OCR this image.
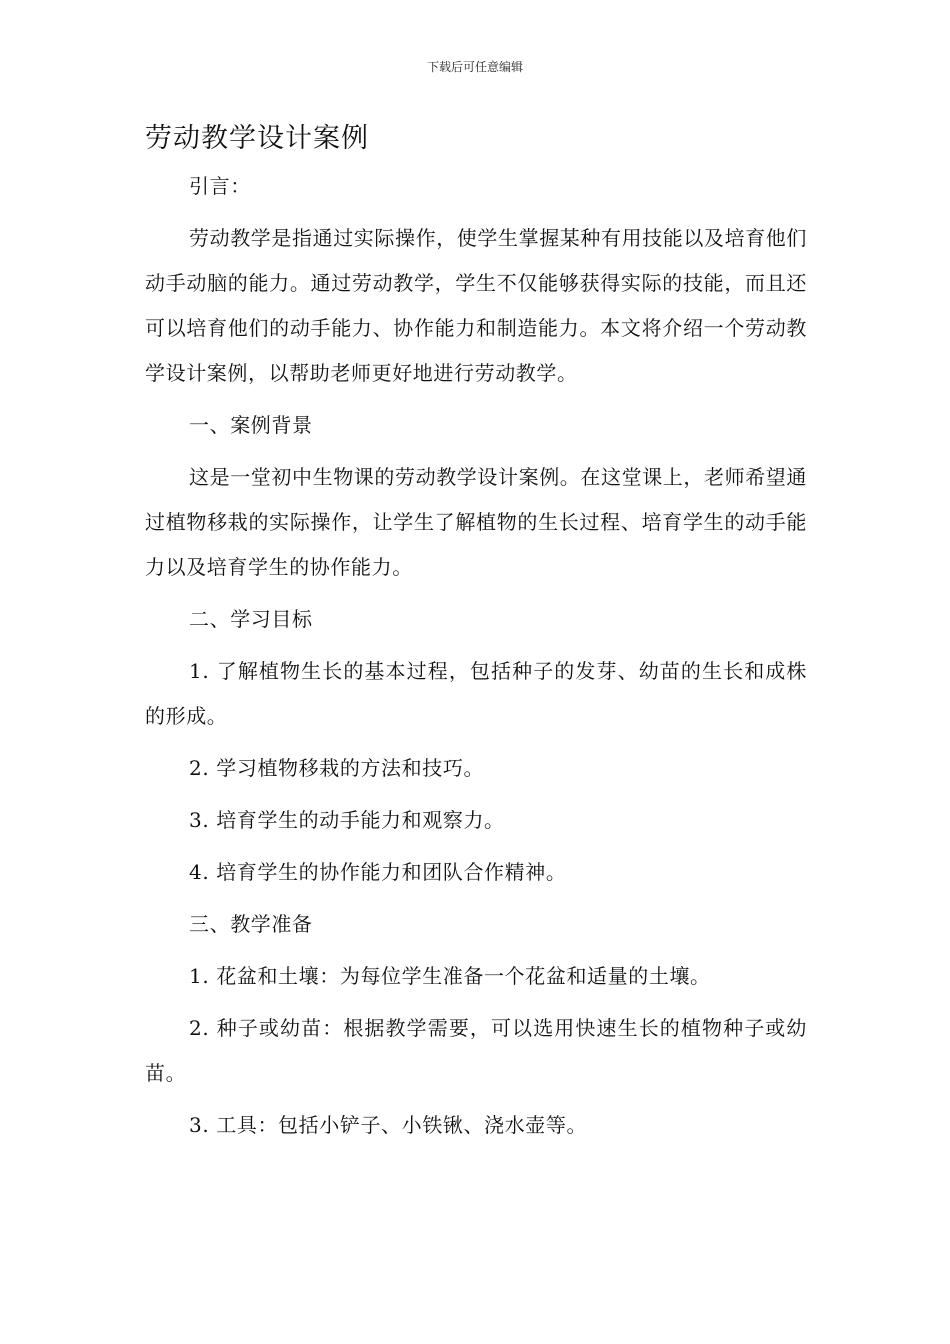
下载后可任意编辑
劳动教学设计案例

引言：

劳动教学是指通过实际操作，使学生掌握某种有用技能以及培育他们动手动脑的能力。通过劳动教学，学生不仅能够获得实际的技能，而且还可以培育他们的动手能力、协作能力和制造能力。本文将介绍一个劳动教学设计案例，以帮助老师更好地进行劳动教学。

一、案例背景

这是一堂初中生物课的劳动教学设计案例。在这堂课上，老师希望通过植物移栽的实际操作，让学生了解植物的生长过程、培育学生的动手能力以及培育学生的协作能力。

二、学习目标

1. 了解植物生长的基本过程，包括种子的发芽、幼苗的生长和成株的形成。

2. 学习植物移栽的方法和技巧。

3. 培育学生的动手能力和观察力。

4. 培育学生的协作能力和团队合作精神。

三、教学准备

1. 花盆和土壤：为每位学生准备一个花盆和适量的土壤。

2. 种子或幼苗：根据教学需要，可以选用快速生长的植物种子或幼苗。

3. 工具：包括小铲子、小铁锹、浇水壶等。
